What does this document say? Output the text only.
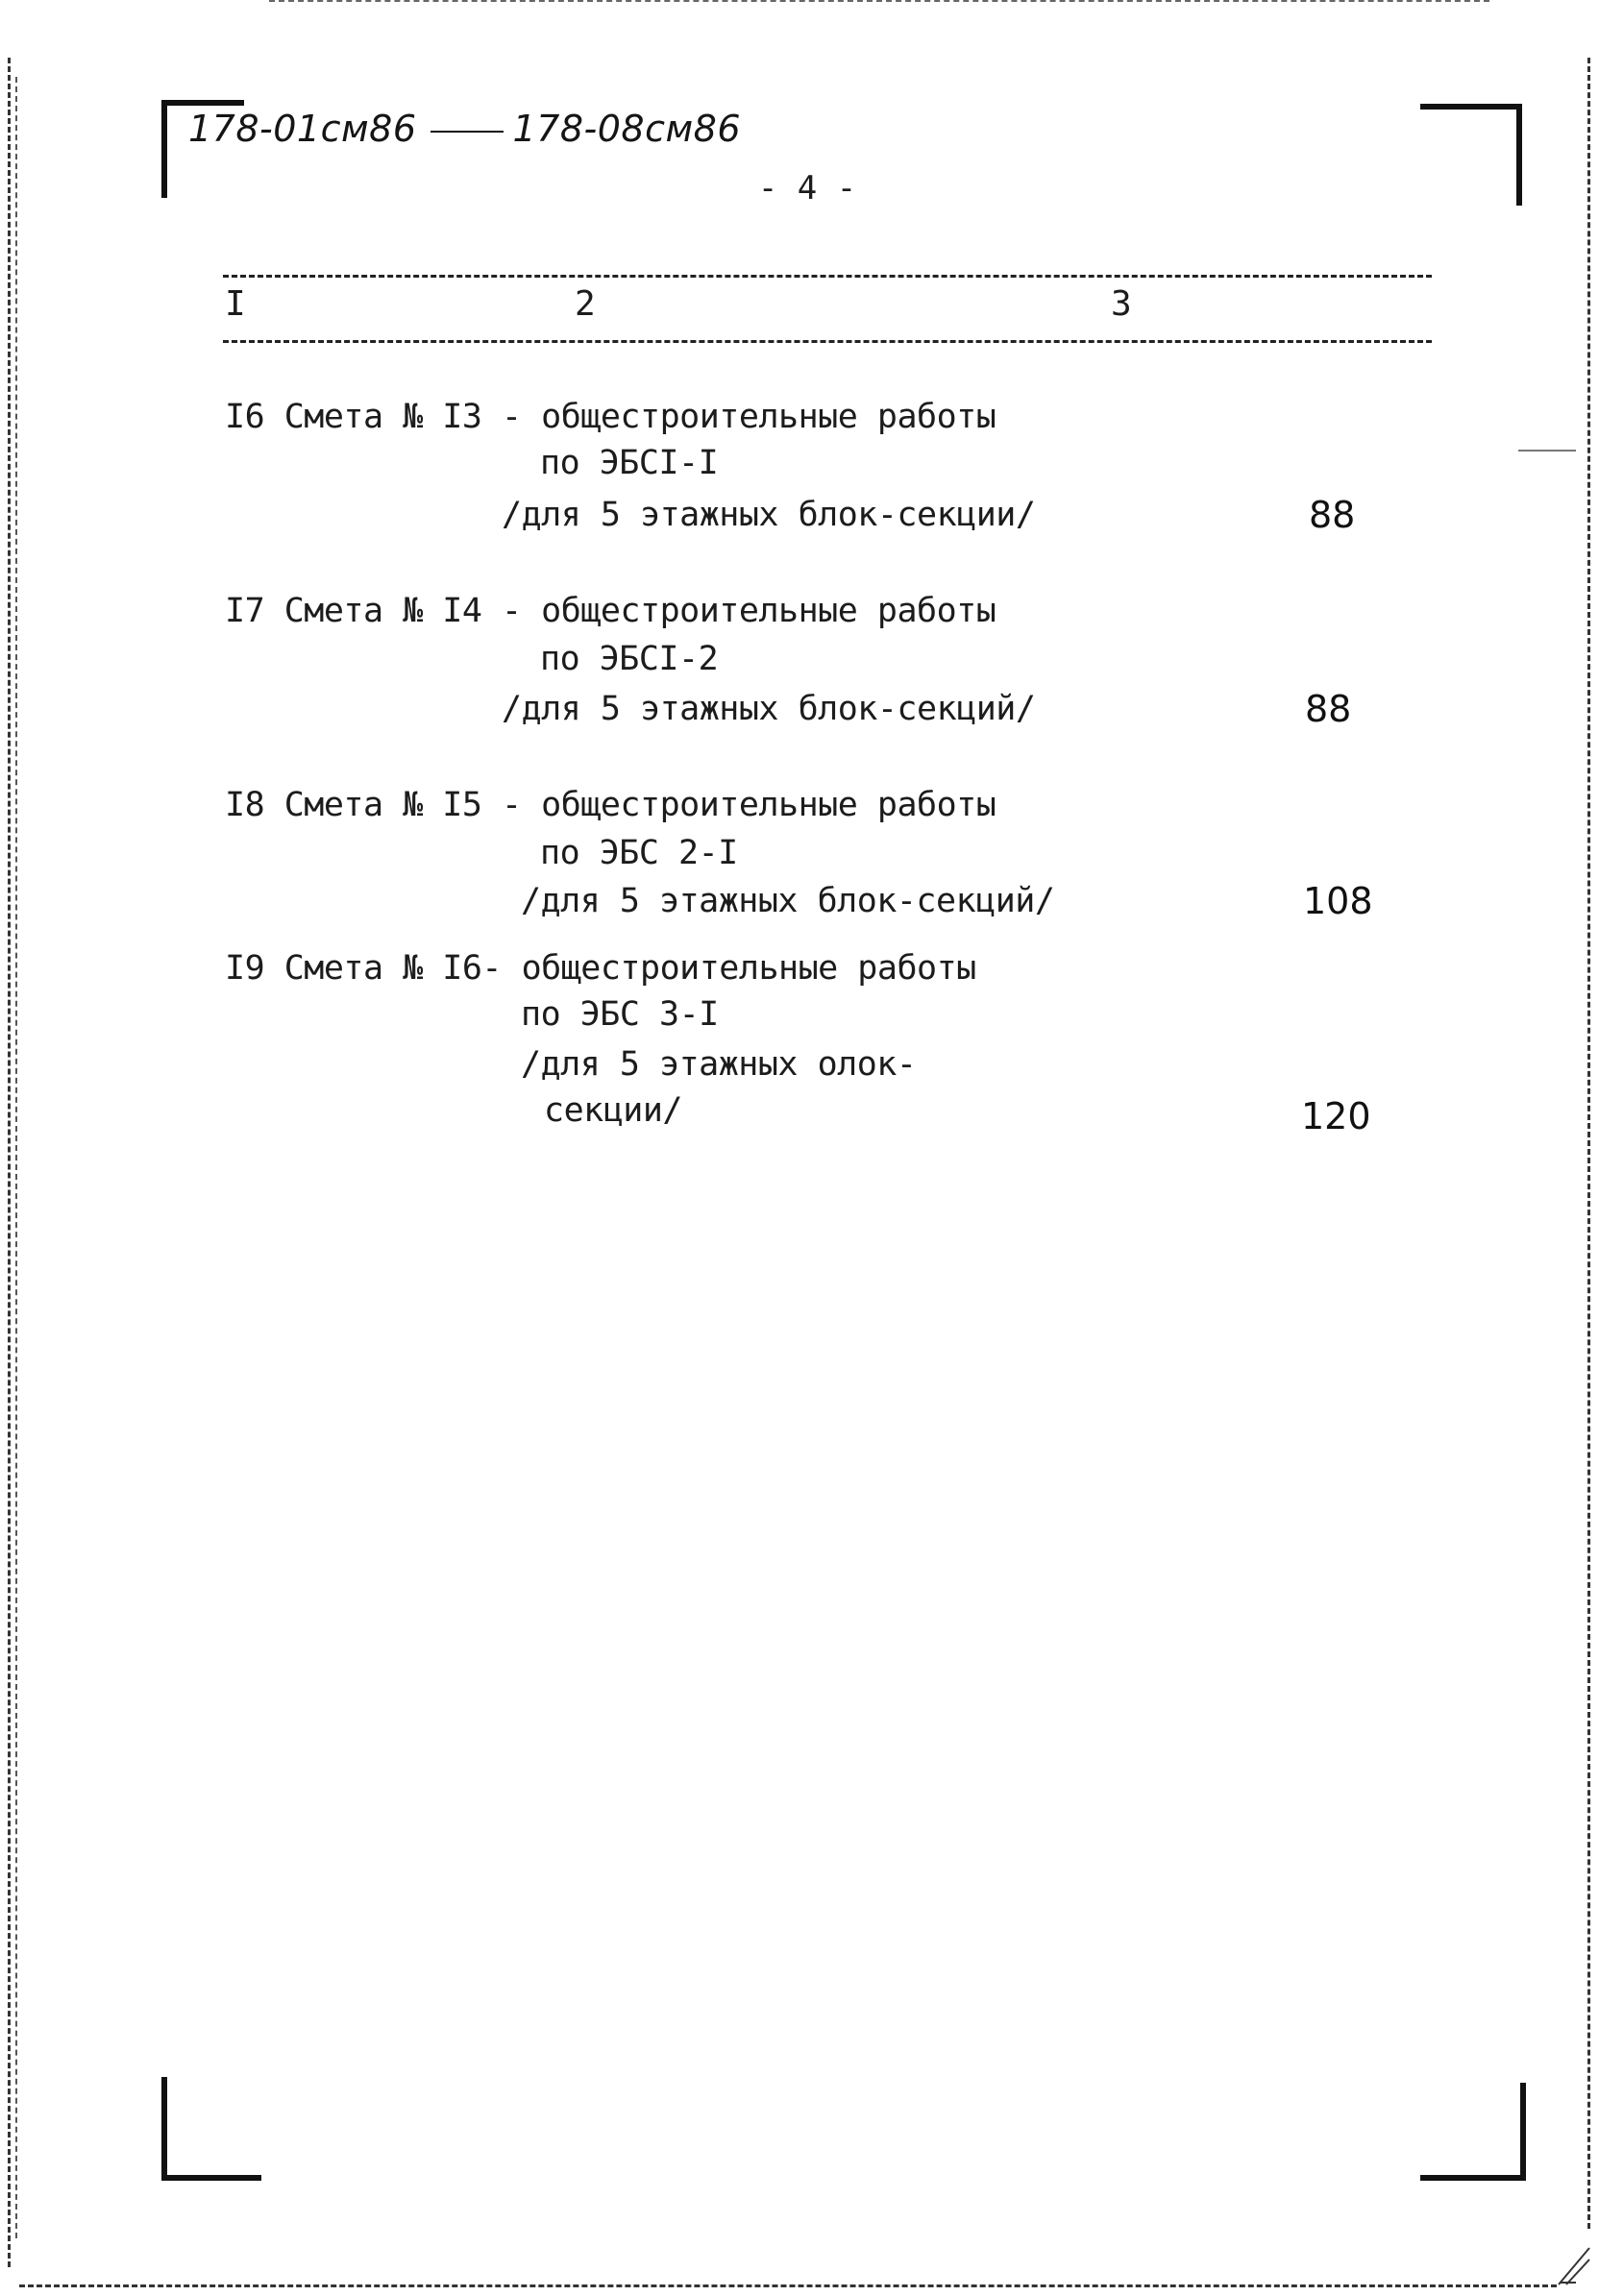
178-01см86	178-08см86
- 4 -
I	2	3
I6 Смета № I3 - общестроительные работы
по ЭБСI-I
/для 5 этажных блок-секции/	88
I7 Смета № I4 - общестроительные работы
по ЭБСI-2
/для 5 этажных блок-секций/	88
I8 Смета № I5 - общестроительные работы
по ЭБС 2-I
/для 5 этажных блок-секций/	108
I9 Смета № I6- общестроительные работы
по ЭБС 3-I
/для 5 этажных олок-
секции/	120
